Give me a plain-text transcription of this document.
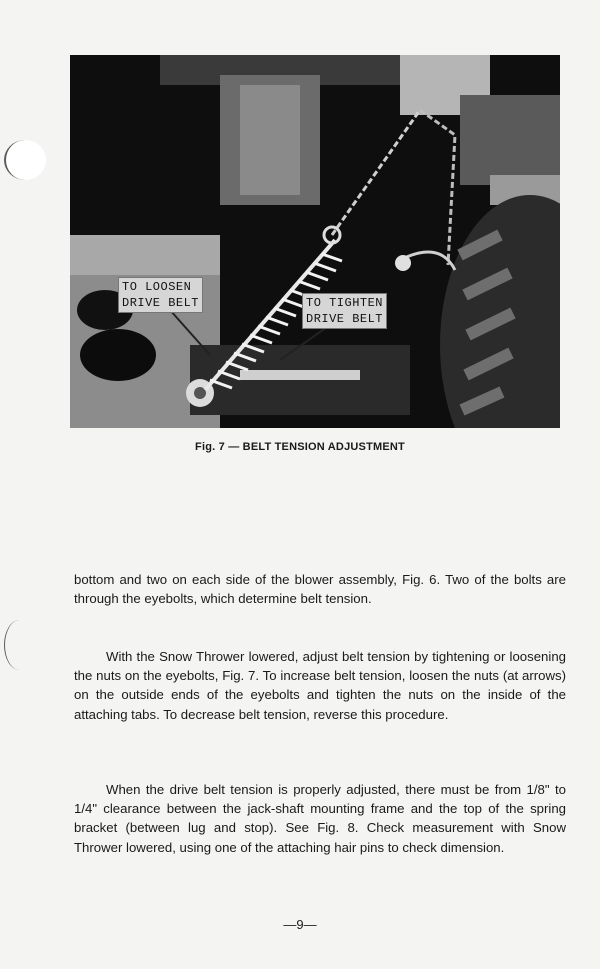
TO LOOSEN
DRIVE BELT	TO TIGHTEN
DRIVE BELT
Fig. 7 — BELT TENSION ADJUSTMENT

bottom and two on each side of the blower assembly, Fig. 6. Two of the bolts are through the eyebolts, which determine belt tension.

With the Snow Thrower lowered, adjust belt tension by tightening or loosening the nuts on the eyebolts, Fig. 7. To increase belt tension, loosen the nuts (at arrows) on the outside ends of the eyebolts and tighten the nuts on the inside of the attaching tabs. To decrease belt tension, reverse this procedure.

When the drive belt tension is properly adjusted, there must be from 1/8" to 1/4" clearance between the jack-shaft mounting frame and the top of the spring bracket (between lug and stop). See Fig. 8. Check measurement with Snow Thrower lowered, using one of the attaching hair pins to check dimension.

—9—
